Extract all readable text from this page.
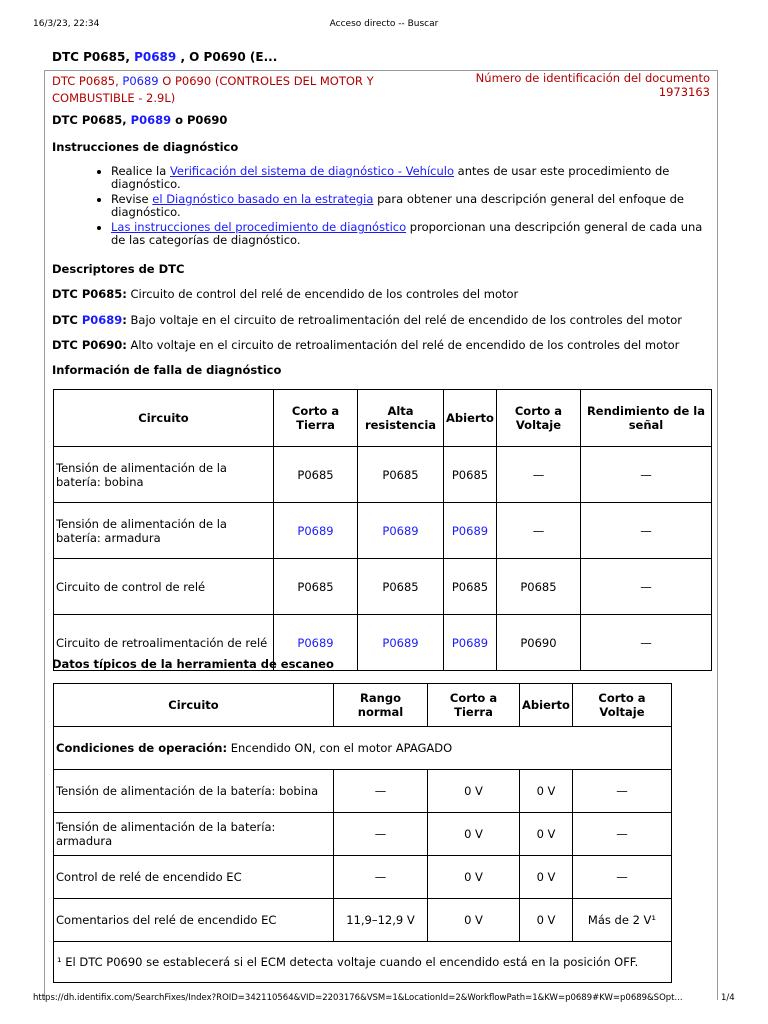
16/3/23, 22:34	Acceso directo -- Buscar
DTC P0685, P0689 , O P0690 (E...
DTC P0685, P0689 O P0690 (CONTROLES DEL MOTOR Y COMBUSTIBLE - 2.9L)
Número de identificación del documento
1973163
DTC P0685, P0689 o P0690
Instrucciones de diagnóstico
• Realice la Verificación del sistema de diagnóstico - Vehículo antes de usar este procedimiento de diagnóstico.
• Revise el Diagnóstico basado en la estrategia para obtener una descripción general del enfoque de diagnóstico.
• Las instrucciones del procedimiento de diagnóstico proporcionan una descripción general de cada una de las categorías de diagnóstico.
Descriptores de DTC
DTC P0685: Circuito de control del relé de encendido de los controles del motor
DTC P0689: Bajo voltaje en el circuito de retroalimentación del relé de encendido de los controles del motor
DTC P0690: Alto voltaje en el circuito de retroalimentación del relé de encendido de los controles del motor
Información de falla de diagnóstico
Circuito	Corto a Tierra	Alta resistencia	Abierto	Corto a Voltaje	Rendimiento de la señal
Tensión de alimentación de la batería: bobina	P0685	P0685	P0685	—	—
Tensión de alimentación de la batería: armadura	P0689	P0689	P0689	—	—
Circuito de control de relé	P0685	P0685	P0685	P0685	—
Circuito de retroalimentación de relé	P0689	P0689	P0689	P0690	—
Datos típicos de la herramienta de escaneo
Circuito	Rango normal	Corto a Tierra	Abierto	Corto a Voltaje
Condiciones de operación: Encendido ON, con el motor APAGADO				
Tensión de alimentación de la batería: bobina	—	0 V	0 V	—
Tensión de alimentación de la batería: armadura	—	0 V	0 V	—
Control de relé de encendido EC	—	0 V	0 V	—
Comentarios del relé de encendido EC	11,9–12,9 V	0 V	0 V	Más de 2 V¹
¹ El DTC P0690 se establecerá si el ECM detecta voltaje cuando el encendido está en la posición OFF.				
https://dh.identifix.com/SearchFixes/Index?ROID=342110564&VID=2203176&VSM=1&LocationId=2&WorkflowPath=1&KW=p0689#KW=p0689&SOpt...	1/4
